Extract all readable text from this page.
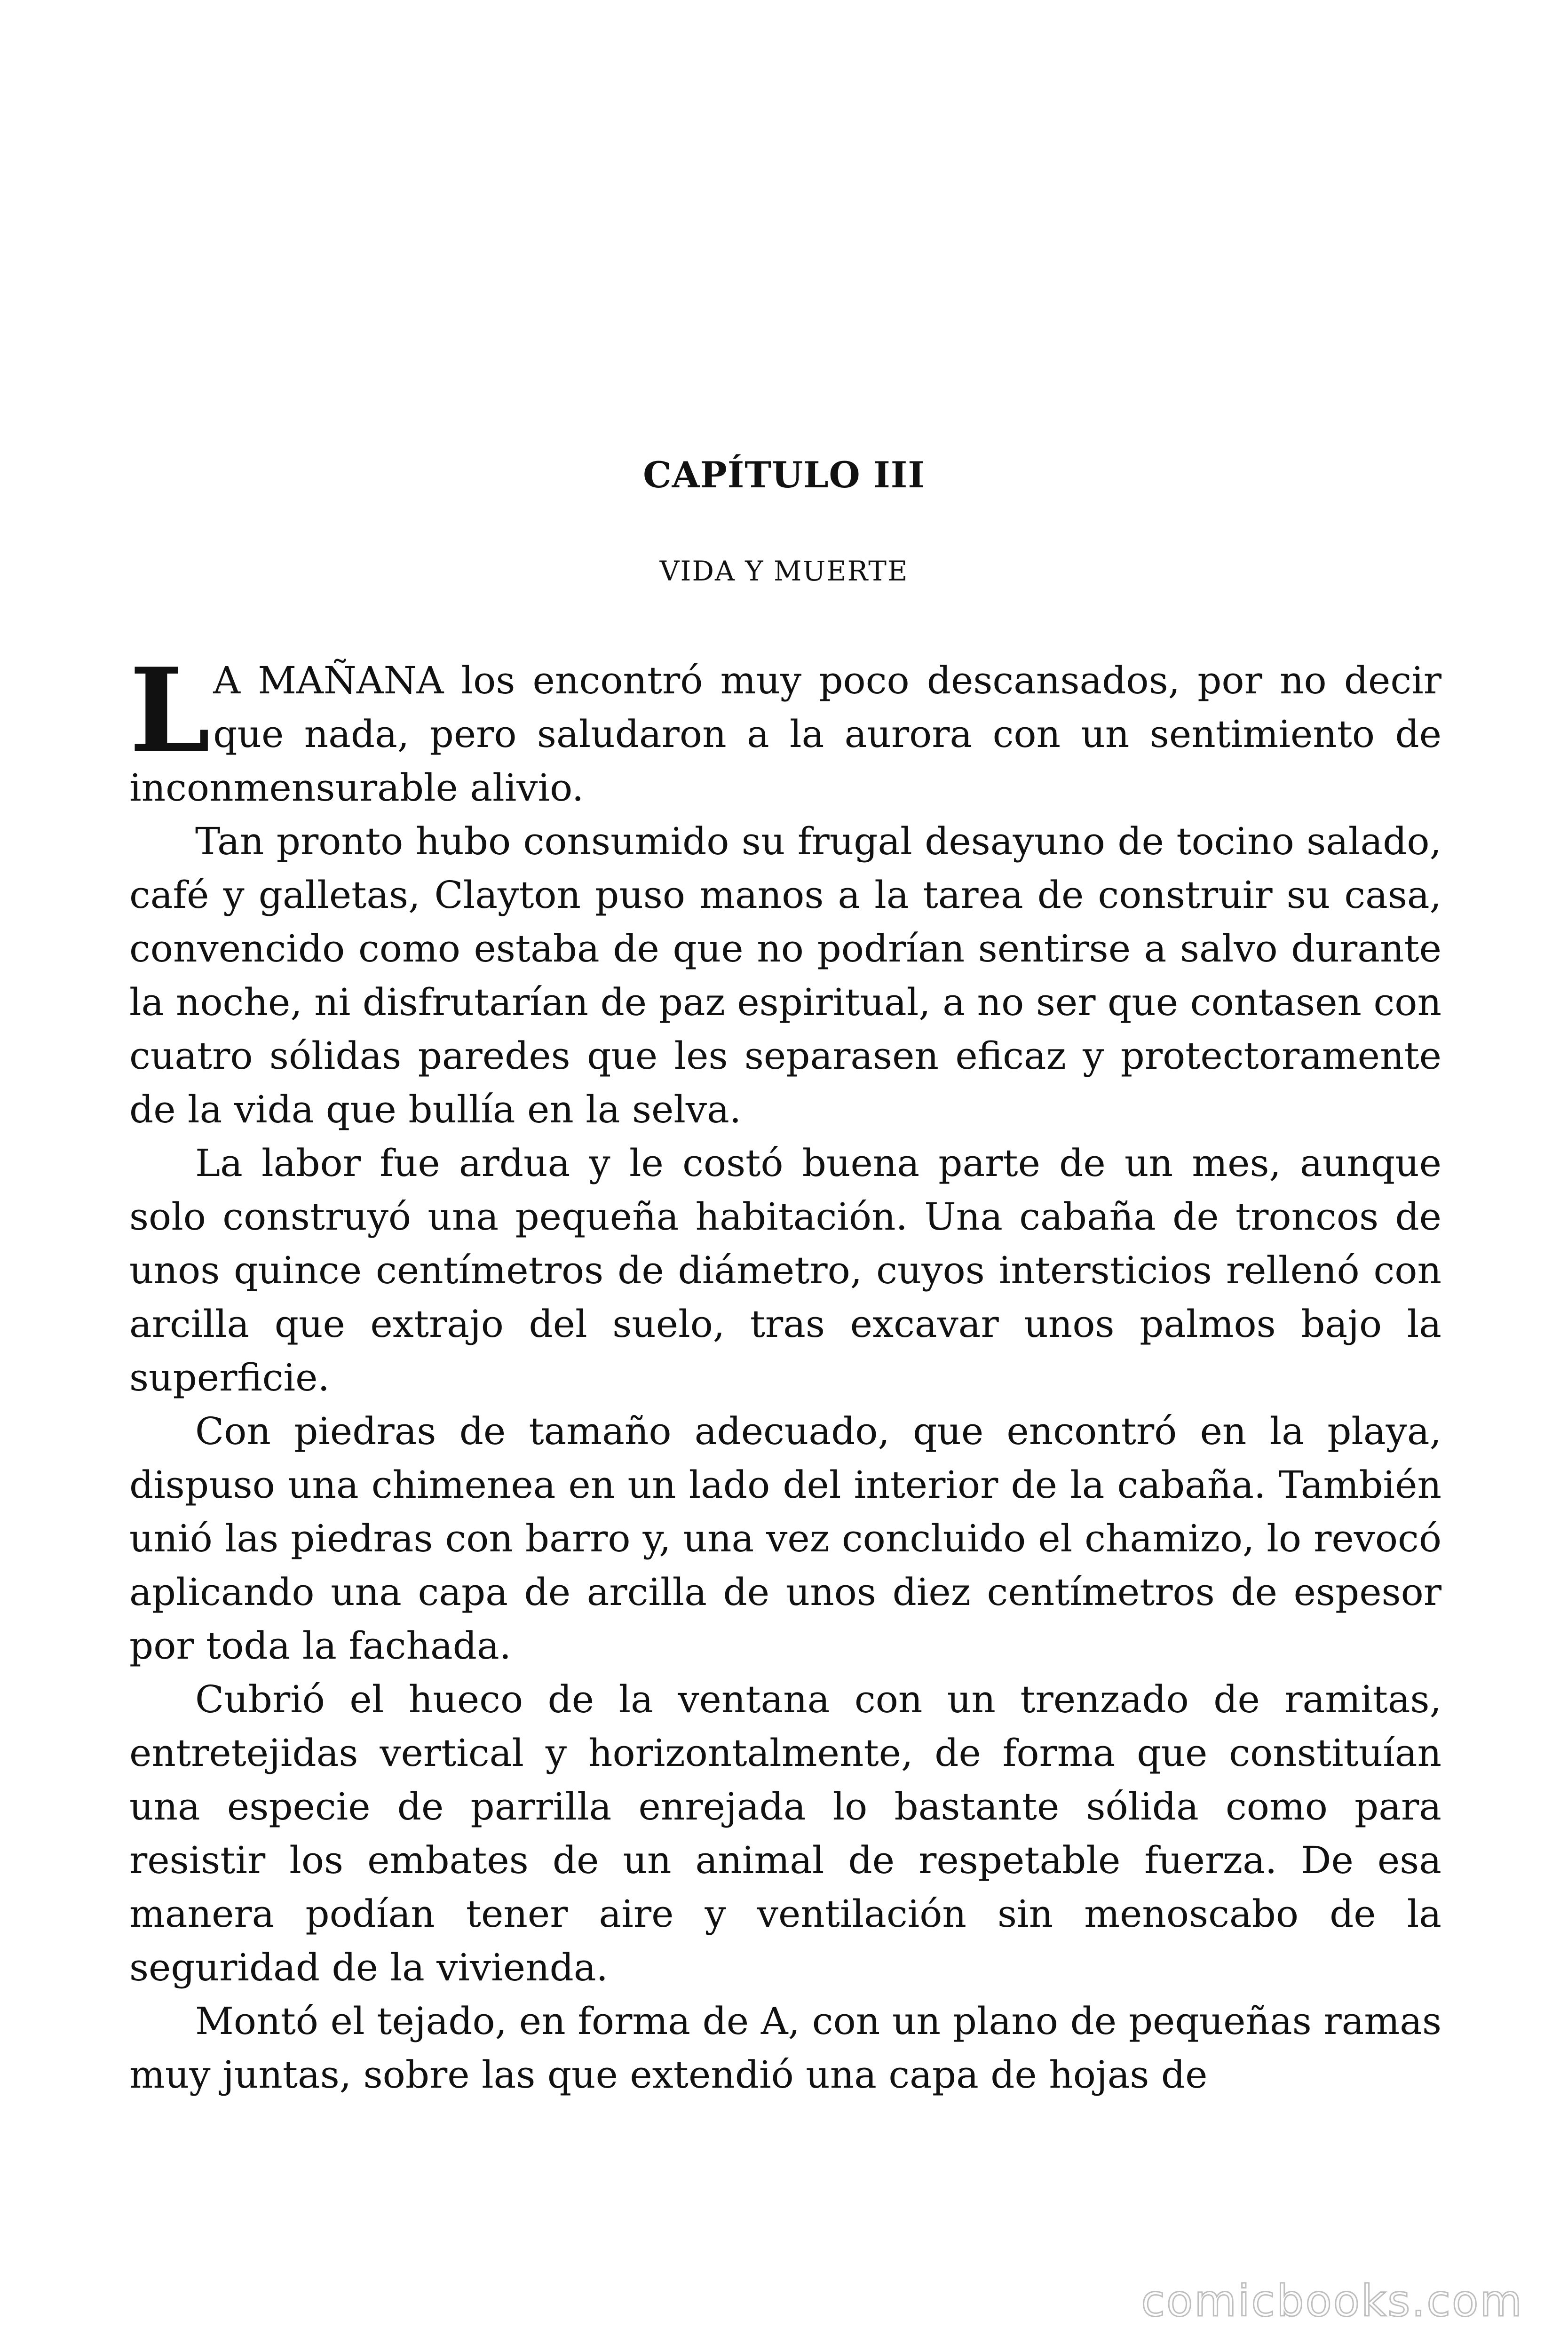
CAPÍTULO III
VIDA Y MUERTE

L A MAÑANA los encontró muy poco descansados, por no decir que nada, pero saludaron a la aurora con un sentimiento de inconmensurable alivio.

Tan pronto hubo consumido su frugal desayuno de tocino salado, café y galletas, Clayton puso manos a la tarea de construir su casa, convencido como estaba de que no podrían sentirse a salvo durante la noche, ni disfrutarían de paz espiritual, a no ser que contasen con cuatro sólidas paredes que les separasen eficaz y protectoramente de la vida que bullía en la selva.

La labor fue ardua y le costó buena parte de un mes, aunque solo construyó una pequeña habitación. Una cabaña de troncos de unos quince centímetros de diámetro, cuyos intersticios rellenó con arcilla que extrajo del suelo, tras excavar unos palmos bajo la superficie.

Con piedras de tamaño adecuado, que encontró en la playa, dispuso una chimenea en un lado del interior de la cabaña. También unió las piedras con barro y, una vez concluido el chamizo, lo revocó aplicando una capa de arcilla de unos diez centímetros de espesor por toda la fachada.

Cubrió el hueco de la ventana con un trenzado de ramitas, entretejidas vertical y horizontalmente, de forma que constituían una especie de parrilla enrejada lo bastante sólida como para resistir los embates de un animal de respetable fuerza. De esa manera podían tener aire y ventilación sin menoscabo de la seguridad de la vivienda.

Montó el tejado, en forma de A, con un plano de pequeñas ramas muy juntas, sobre las que extendió una capa de hojas de

comicbooks.com
